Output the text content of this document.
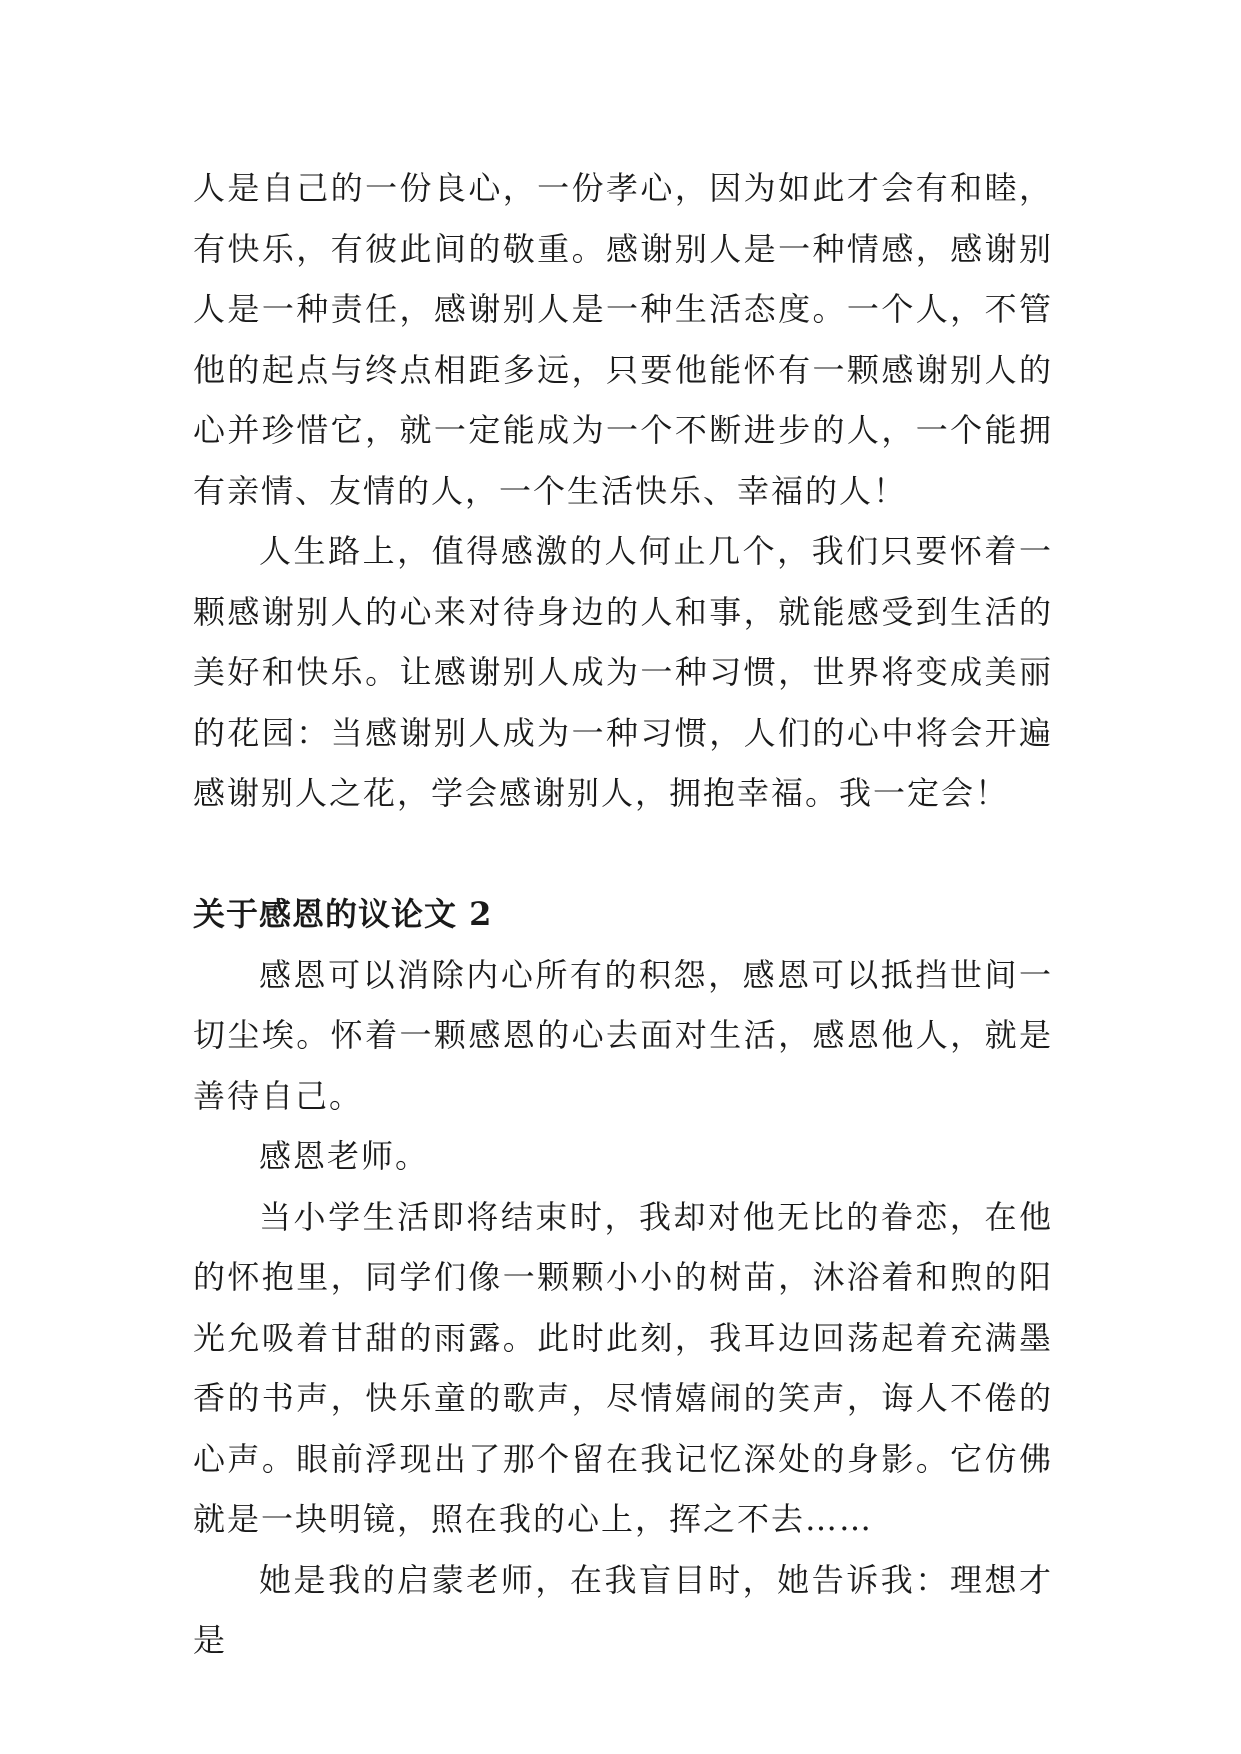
人是自己的一份良心，一份孝心，因为如此才会有和睦，有快乐，有彼此间的敬重。感谢别人是一种情感，感谢别人是一种责任，感谢别人是一种生活态度。一个人，不管他的起点与终点相距多远，只要他能怀有一颗感谢别人的心并珍惜它，就一定能成为一个不断进步的人，一个能拥有亲情、友情的人，一个生活快乐、幸福的人！

人生路上，值得感激的人何止几个，我们只要怀着一颗感谢别人的心来对待身边的人和事，就能感受到生活的美好和快乐。让感谢别人成为一种习惯，世界将变成美丽的花园：当感谢别人成为一种习惯，人们的心中将会开遍感谢别人之花，学会感谢别人，拥抱幸福。我一定会！

关于感恩的议论文 2

感恩可以消除内心所有的积怨，感恩可以抵挡世间一切尘埃。怀着一颗感恩的心去面对生活，感恩他人，就是善待自己。

感恩老师。

当小学生活即将结束时，我却对他无比的眷恋，在他的怀抱里，同学们像一颗颗小小的树苗，沐浴着和煦的阳光允吸着甘甜的雨露。此时此刻，我耳边回荡起着充满墨香的书声，快乐童的歌声，尽情嬉闹的笑声，诲人不倦的心声。眼前浮现出了那个留在我记忆深处的身影。它仿佛就是一块明镜，照在我的心上，挥之不去……

她是我的启蒙老师，在我盲目时，她告诉我：理想才是
